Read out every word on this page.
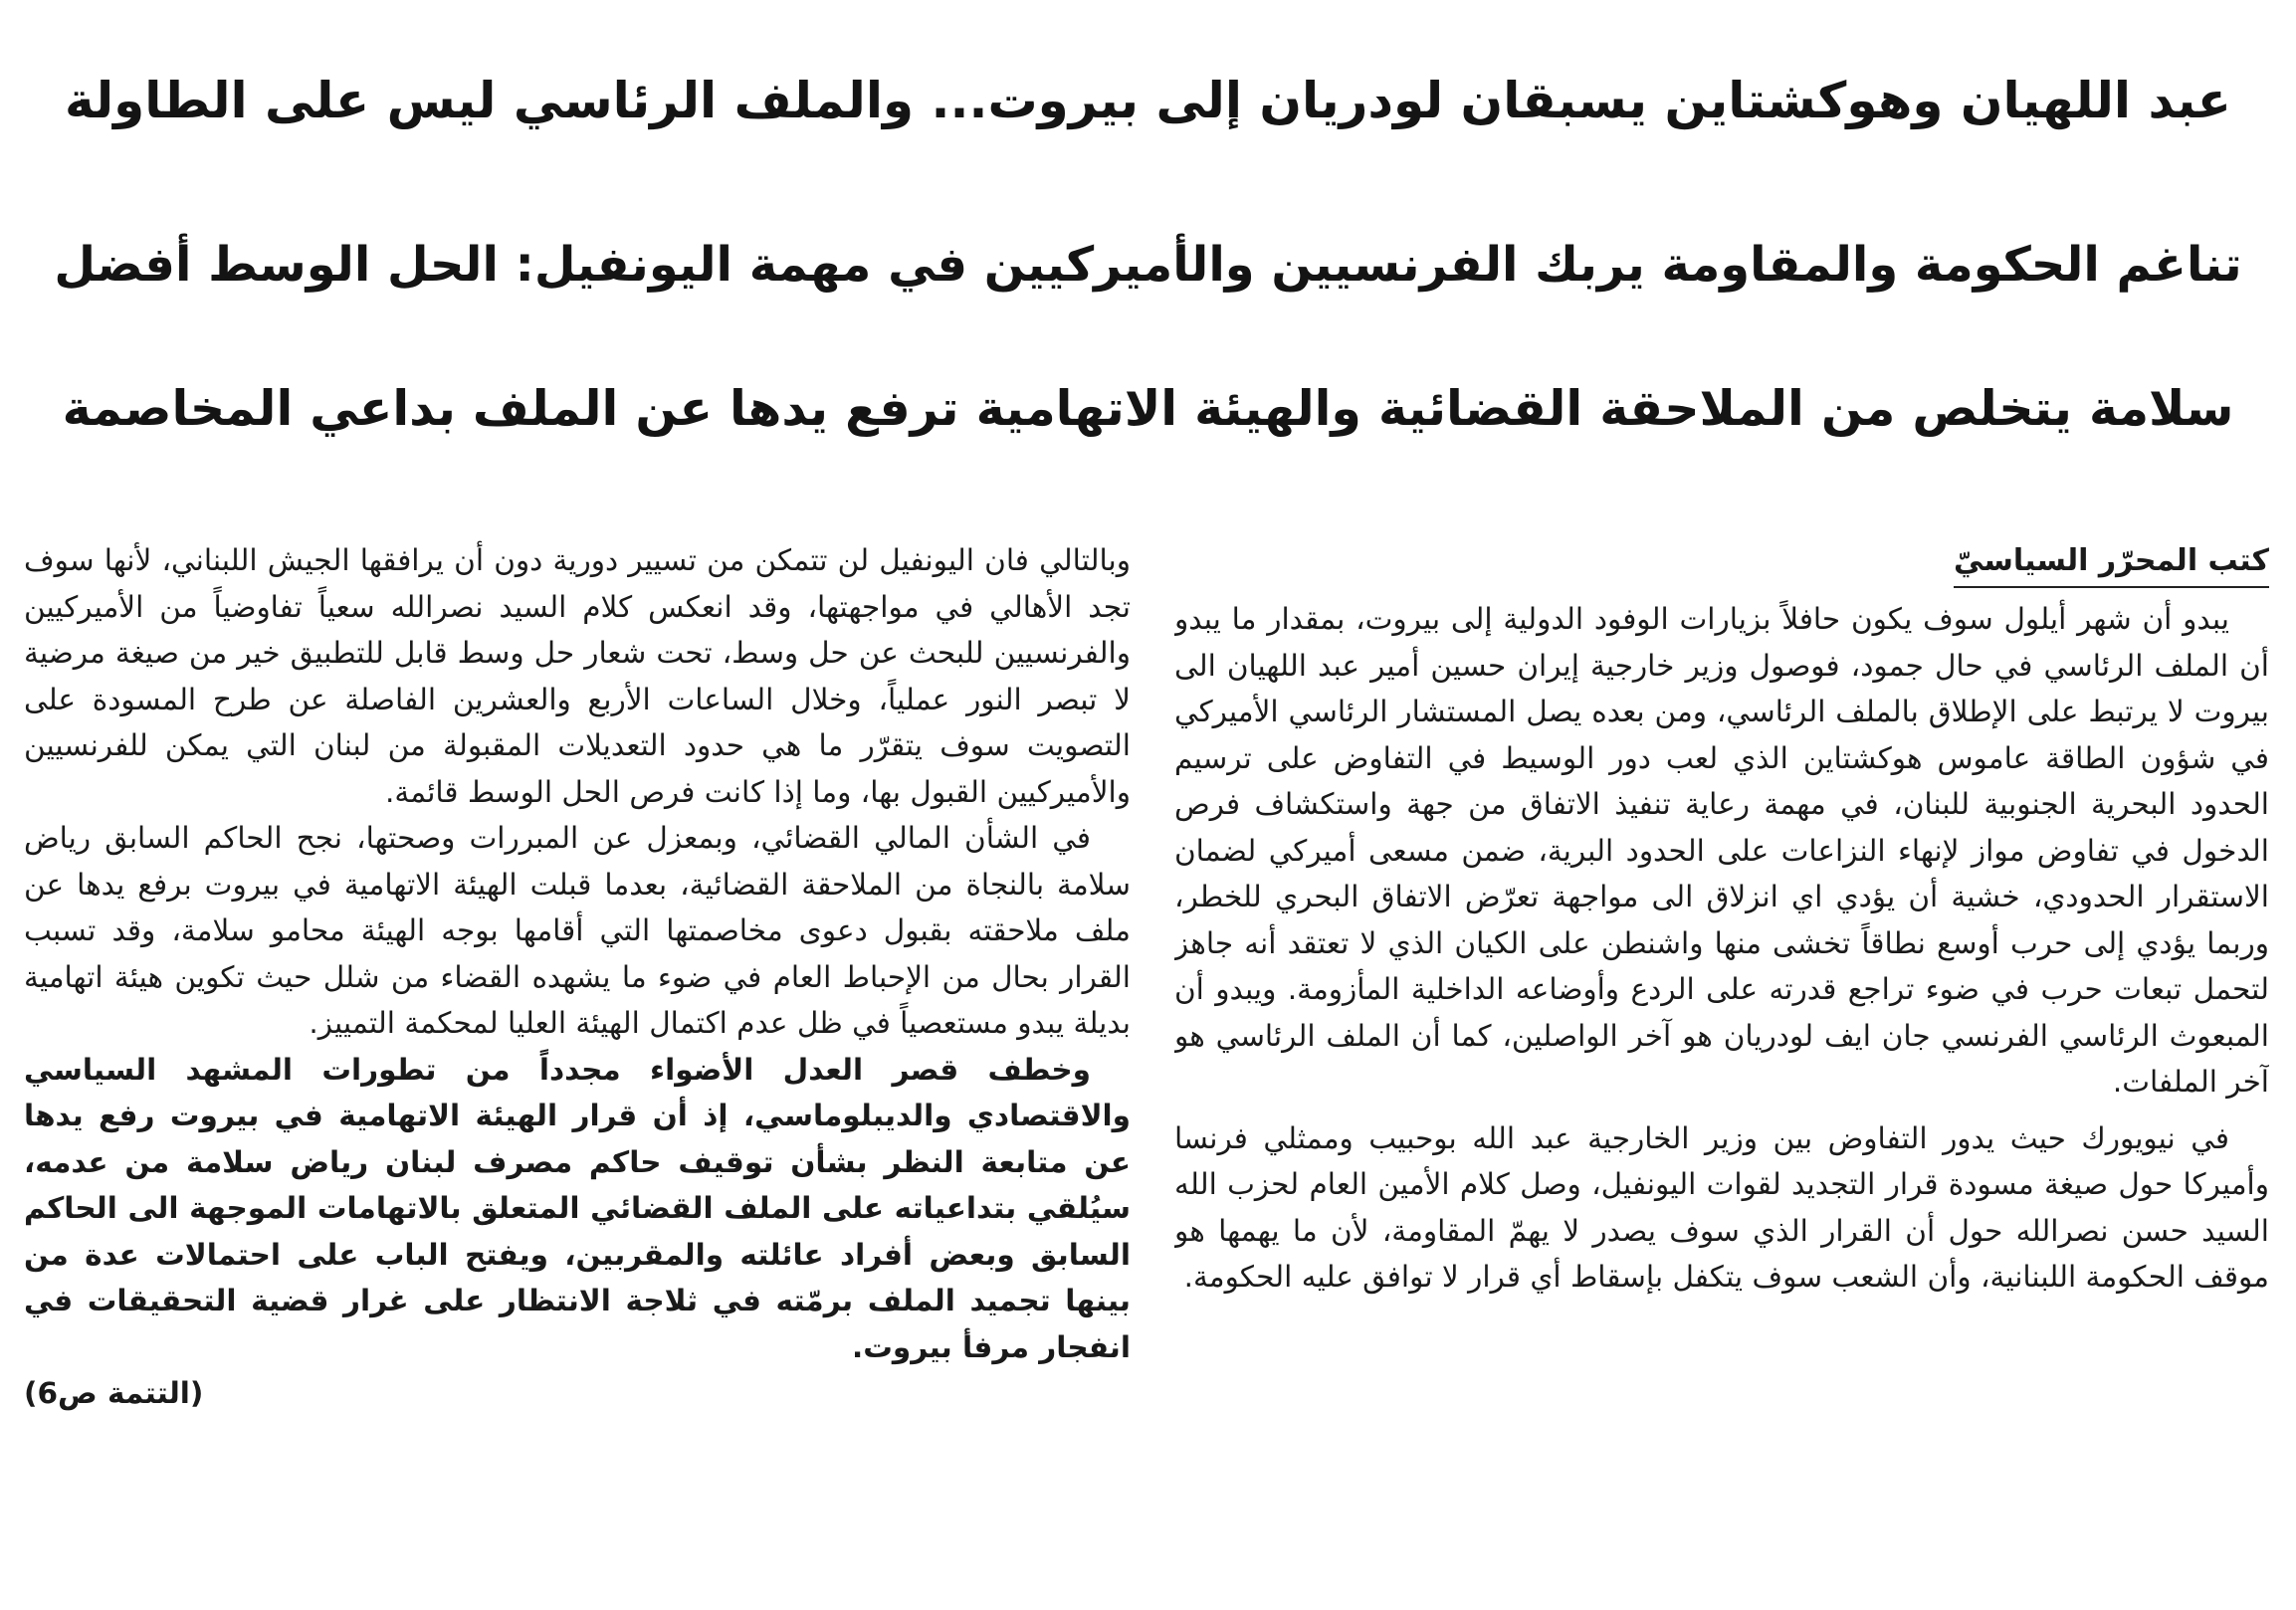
عبد اللهيان وهوكشتاين يسبقان لودريان إلى بيروت... والملف الرئاسي ليس على الطاولة
تناغم الحكومة والمقاومة يربك الفرنسيين والأميركيين في مهمة اليونفيل: الحل الوسط أفضل
سلامة يتخلص من الملاحقة القضائية والهيئة الاتهامية ترفع يدها عن الملف بداعي المخاصمة
كتب المحرّر السياسيّ

يبدو أن شهر أيلول سوف يكون حافلاً بزيارات الوفود الدولية إلى بيروت، بمقدار ما يبدو أن الملف الرئاسي في حال جمود، فوصول وزير خارجية إيران حسين أمير عبد اللهيان الى بيروت لا يرتبط على الإطلاق بالملف الرئاسي، ومن بعده يصل المستشار الرئاسي الأميركي في شؤون الطاقة عاموس هوكشتاين الذي لعب دور الوسيط في التفاوض على ترسيم الحدود البحرية الجنوبية للبنان، في مهمة رعاية تنفيذ الاتفاق من جهة واستكشاف فرص الدخول في تفاوض مواز لإنهاء النزاعات على الحدود البرية، ضمن مسعى أميركي لضمان الاستقرار الحدودي، خشية أن يؤدي اي انزلاق الى مواجهة تعرّض الاتفاق البحري للخطر، وربما يؤدي إلى حرب أوسع نطاقاً تخشى منها واشنطن على الكيان الذي لا تعتقد أنه جاهز لتحمل تبعات حرب في ضوء تراجع قدرته على الردع وأوضاعه الداخلية المأزومة. ويبدو أن المبعوث الرئاسي الفرنسي جان ايف لودريان هو آخر الواصلين، كما أن الملف الرئاسي هو آخر الملفات.

في نيويورك حيث يدور التفاوض بين وزير الخارجية عبد الله بوحبيب وممثلي فرنسا وأميركا حول صيغة مسودة قرار التجديد لقوات اليونفيل، وصل كلام الأمين العام لحزب الله السيد حسن نصرالله حول أن القرار الذي سوف يصدر لا يهمّ المقاومة، لأن ما يهمها هو موقف الحكومة اللبنانية، وأن الشعب سوف يتكفل بإسقاط أي قرار لا توافق عليه الحكومة.

وبالتالي فان اليونفيل لن تتمكن من تسيير دورية دون أن يرافقها الجيش اللبناني، لأنها سوف تجد الأهالي في مواجهتها، وقد انعكس كلام السيد نصرالله سعياً تفاوضياً من الأميركيين والفرنسيين للبحث عن حل وسط، تحت شعار حل وسط قابل للتطبيق خير من صيغة مرضية لا تبصر النور عملياً، وخلال الساعات الأربع والعشرين الفاصلة عن طرح المسودة على التصويت سوف يتقرّر ما هي حدود التعديلات المقبولة من لبنان التي يمكن للفرنسيين والأميركيين القبول بها، وما إذا كانت فرص الحل الوسط قائمة.

في الشأن المالي القضائي، وبمعزل عن المبررات وصحتها، نجح الحاكم السابق رياض سلامة بالنجاة من الملاحقة القضائية، بعدما قبلت الهيئة الاتهامية في بيروت برفع يدها عن ملف ملاحقته بقبول دعوى مخاصمتها التي أقامها بوجه الهيئة محامو سلامة، وقد تسبب القرار بحال من الإحباط العام في ضوء ما يشهده القضاء من شلل حيث تكوين هيئة اتهامية بديلة يبدو مستعصياً في ظل عدم اكتمال الهيئة العليا لمحكمة التمييز.

وخطف قصر العدل الأضواء مجدداً من تطورات المشهد السياسي والاقتصادي والديبلوماسي، إذ أن قرار الهيئة الاتهامية في بيروت رفع يدها عن متابعة النظر بشأن توقيف حاكم مصرف لبنان رياض سلامة من عدمه، سيُلقي بتداعياته على الملف القضائي المتعلق بالاتهامات الموجهة الى الحاكم السابق وبعض أفراد عائلته والمقربين، ويفتح الباب على احتمالات عدة من بينها تجميد الملف برمّته في ثلاجة الانتظار على غرار قضية التحقيقات في انفجار مرفأ بيروت.

(التتمة ص6)
